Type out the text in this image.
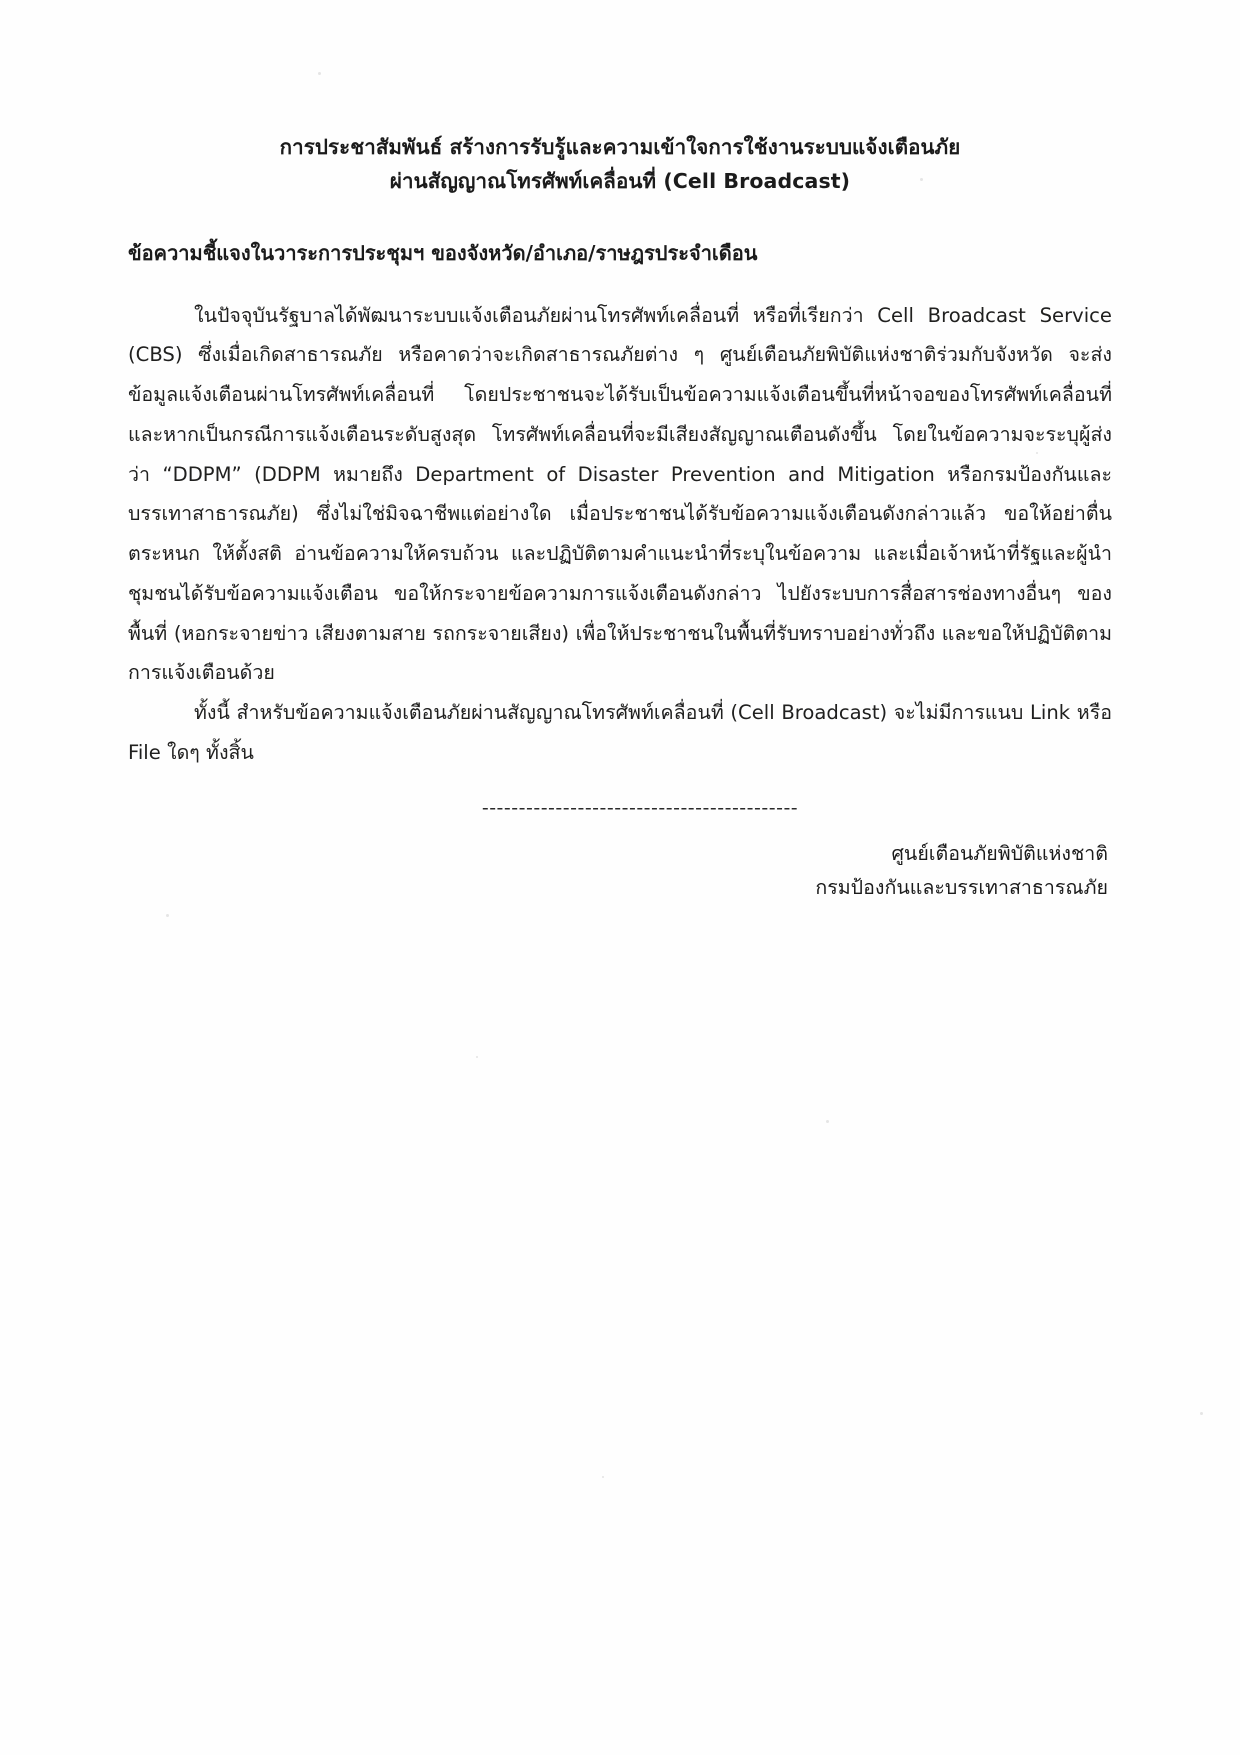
การประชาสัมพันธ์ สร้างการรับรู้และความเข้าใจการใช้งานระบบแจ้งเตือนภัย
ผ่านสัญญาณโทรศัพท์เคลื่อนที่ (Cell Broadcast)
ข้อความชี้แจงในวาระการประชุมฯ ของจังหวัด/อำเภอ/ราษฎรประจำเดือน

ในปัจจุบันรัฐบาลได้พัฒนาระบบแจ้งเตือนภัยผ่านโทรศัพท์เคลื่อนที่ หรือที่เรียกว่า Cell Broadcast Service (CBS) ซึ่งเมื่อเกิดสาธารณภัย หรือคาดว่าจะเกิดสาธารณภัยต่าง ๆ ศูนย์เตือนภัยพิบัติแห่งชาติร่วมกับจังหวัด จะส่งข้อมูลแจ้งเตือนผ่านโทรศัพท์เคลื่อนที่ โดยประชาชนจะได้รับเป็นข้อความแจ้งเตือนขึ้นที่หน้าจอของโทรศัพท์เคลื่อนที่ และหากเป็นกรณีการแจ้งเตือนระดับสูงสุด โทรศัพท์เคลื่อนที่จะมีเสียงสัญญาณเตือนดังขึ้น โดยในข้อความจะระบุผู้ส่งว่า “DDPM” (DDPM หมายถึง Department of Disaster Prevention and Mitigation หรือกรมป้องกันและบรรเทาสาธารณภัย) ซึ่งไม่ใช่มิจฉาชีพแต่อย่างใด เมื่อประชาชนได้รับข้อความแจ้งเตือนดังกล่าวแล้ว ขอให้อย่าตื่นตระหนก ให้ตั้งสติ อ่านข้อความให้ครบถ้วน และปฏิบัติตามคำแนะนำที่ระบุในข้อความ และเมื่อเจ้าหน้าที่รัฐและผู้นำชุมชนได้รับข้อความแจ้งเตือน ขอให้กระจายข้อความการแจ้งเตือนดังกล่าว ไปยังระบบการสื่อสารช่องทางอื่นๆ ของพื้นที่ (หอกระจายข่าว เสียงตามสาย รถกระจายเสียง) เพื่อให้ประชาชนในพื้นที่รับทราบอย่างทั่วถึง และขอให้ปฏิบัติตามการแจ้งเตือนด้วย

ทั้งนี้ สำหรับข้อความแจ้งเตือนภัยผ่านสัญญาณโทรศัพท์เคลื่อนที่ (Cell Broadcast) จะไม่มีการแนบ Link หรือ File ใดๆ ทั้งสิ้น

-------------------------------------------
ศูนย์เตือนภัยพิบัติแห่งชาติ
กรมป้องกันและบรรเทาสาธารณภัย
